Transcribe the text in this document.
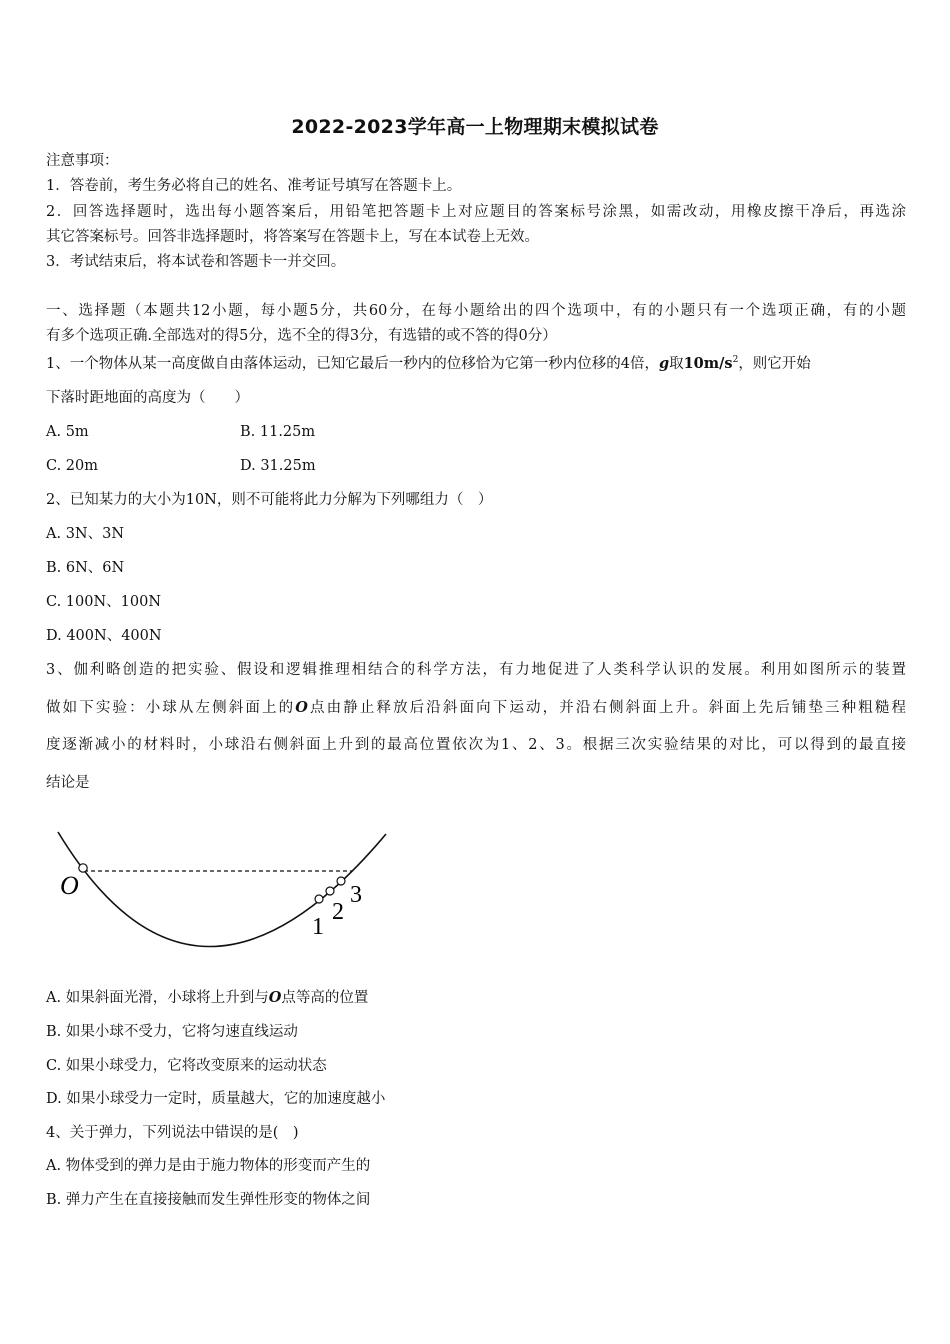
2022-2023学年高一上物理期末模拟试卷
注意事项：
1．答卷前，考生务必将自己的姓名、准考证号填写在答题卡上。
2．回答选择题时，选出每小题答案后，用铅笔把答题卡上对应题目的答案标号涂黑，如需改动，用橡皮擦干净后，再选涂
其它答案标号。回答非选择题时，将答案写在答题卡上，写在本试卷上无效。
3．考试结束后，将本试卷和答题卡一并交回。
一、选择题（本题共12小题，每小题5分，共60分，在每小题给出的四个选项中，有的小题只有一个选项正确，有的小题
有多个选项正确.全部选对的得5分，选不全的得3分，有选错的或不答的得0分）
1、一个物体从某一高度做自由落体运动，已知它最后一秒内的位移恰为它第一秒内位移的4倍，g取$10m/s^2$，则它开始
下落时距地面的高度为（　　）
A. 5m	B. 11.25m
C. 20m	D. 31.25m
2、已知某力的大小为10N，则不可能将此力分解为下列哪组力（　）
A. 3N、3N
B. 6N、6N
C. 100N、100N
D. 400N、400N
3、伽利略创造的把实验、假设和逻辑推理相结合的科学方法，有力地促进了人类科学认识的发展。利用如图所示的装置
做如下实验：小球从左侧斜面上的O点由静止释放后沿斜面向下运动，并沿右侧斜面上升。斜面上先后铺垫三种粗糙程
度逐渐减小的材料时，小球沿右侧斜面上升到的最高位置依次为1、2、3。根据三次实验结果的对比，可以得到的最直接
结论是
O
1
2
3
A. 如果斜面光滑，小球将上升到与O点等高的位置
B. 如果小球不受力，它将匀速直线运动
C. 如果小球受力，它将改变原来的运动状态
D. 如果小球受力一定时，质量越大，它的加速度越小
4、关于弹力，下列说法中错误的是(　)
A. 物体受到的弹力是由于施力物体的形变而产生的
B. 弹力产生在直接接触而发生弹性形变的物体之间
